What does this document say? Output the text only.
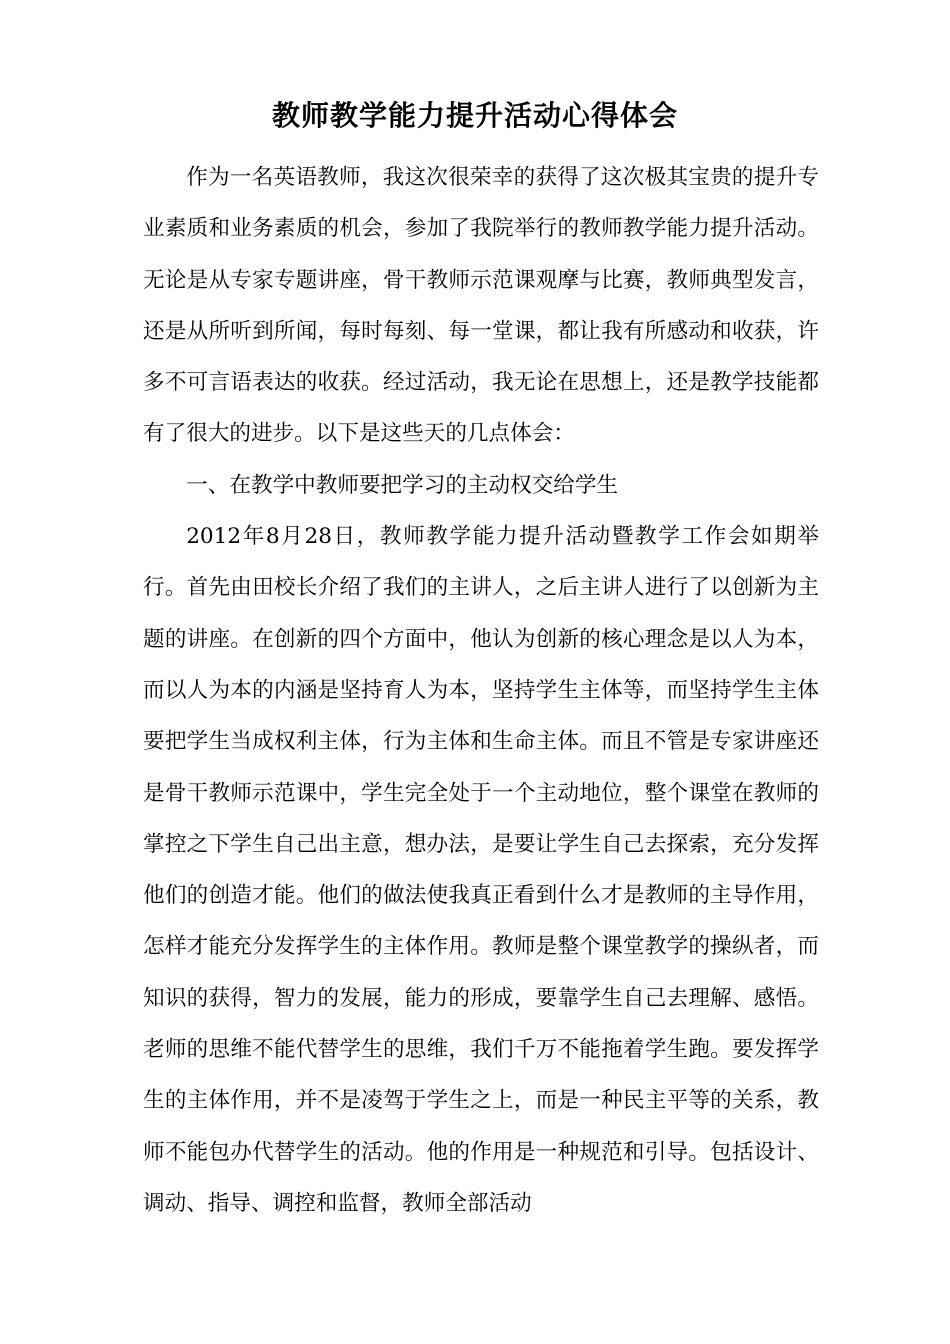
教师教学能力提升活动心得体会

作为一名英语教师，我这次很荣幸的获得了这次极其宝贵的提升专业素质和业务素质的机会，参加了我院举行的教师教学能力提升活动。无论是从专家专题讲座，骨干教师示范课观摩与比赛，教师典型发言，还是从所听到所闻，每时每刻、每一堂课，都让我有所感动和收获，许多不可言语表达的收获。经过活动，我无论在思想上，还是教学技能都有了很大的进步。以下是这些天的几点体会：

一、在教学中教师要把学习的主动权交给学生

2012年8月28日，教师教学能力提升活动暨教学工作会如期举行。首先由田校长介绍了我们的主讲人，之后主讲人进行了以创新为主题的讲座。在创新的四个方面中，他认为创新的核心理念是以人为本，而以人为本的内涵是坚持育人为本，坚持学生主体等，而坚持学生主体要把学生当成权利主体，行为主体和生命主体。而且不管是专家讲座还是骨干教师示范课中，学生完全处于一个主动地位，整个课堂在教师的掌控之下学生自己出主意，想办法，是要让学生自己去探索，充分发挥他们的创造才能。他们的做法使我真正看到什么才是教师的主导作用，怎样才能充分发挥学生的主体作用。教师是整个课堂教学的操纵者，而知识的获得，智力的发展，能力的形成，要靠学生自己去理解、感悟。老师的思维不能代替学生的思维，我们千万不能拖着学生跑。要发挥学生的主体作用，并不是凌驾于学生之上，而是一种民主平等的关系，教师不能包办代替学生的活动。他的作用是一种规范和引导。包括设计、调动、指导、调控和监督，教师全部活动
